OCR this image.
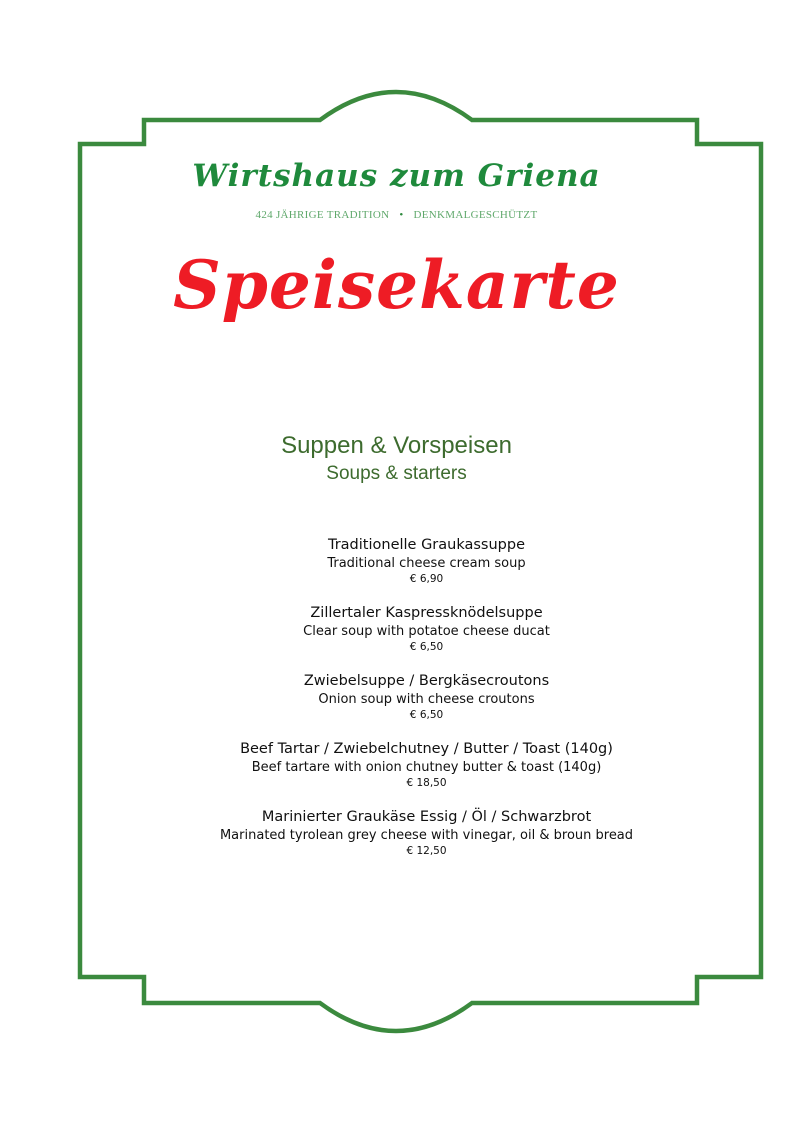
Wirtshaus zum Griena
424 JÄHRIGE TRADITION • DENKMALGESCHÜTZT
Speisekarte
Suppen & Vorspeisen
Soups & starters
Traditionelle Graukassuppe
Traditional cheese cream soup
€ 6,90
Zillertaler Kaspressknödelsuppe
Clear soup with potatoe cheese ducat
€ 6,50
Zwiebelsuppe / Bergkäsecroutons
Onion soup with cheese croutons
€ 6,50
Beef Tartar / Zwiebelchutney / Butter / Toast (140g)
Beef tartare with onion chutney butter & toast (140g)
€ 18,50
Marinierter Graukäse Essig / Öl / Schwarzbrot
Marinated tyrolean grey cheese with vinegar, oil & broun bread
€ 12,50
